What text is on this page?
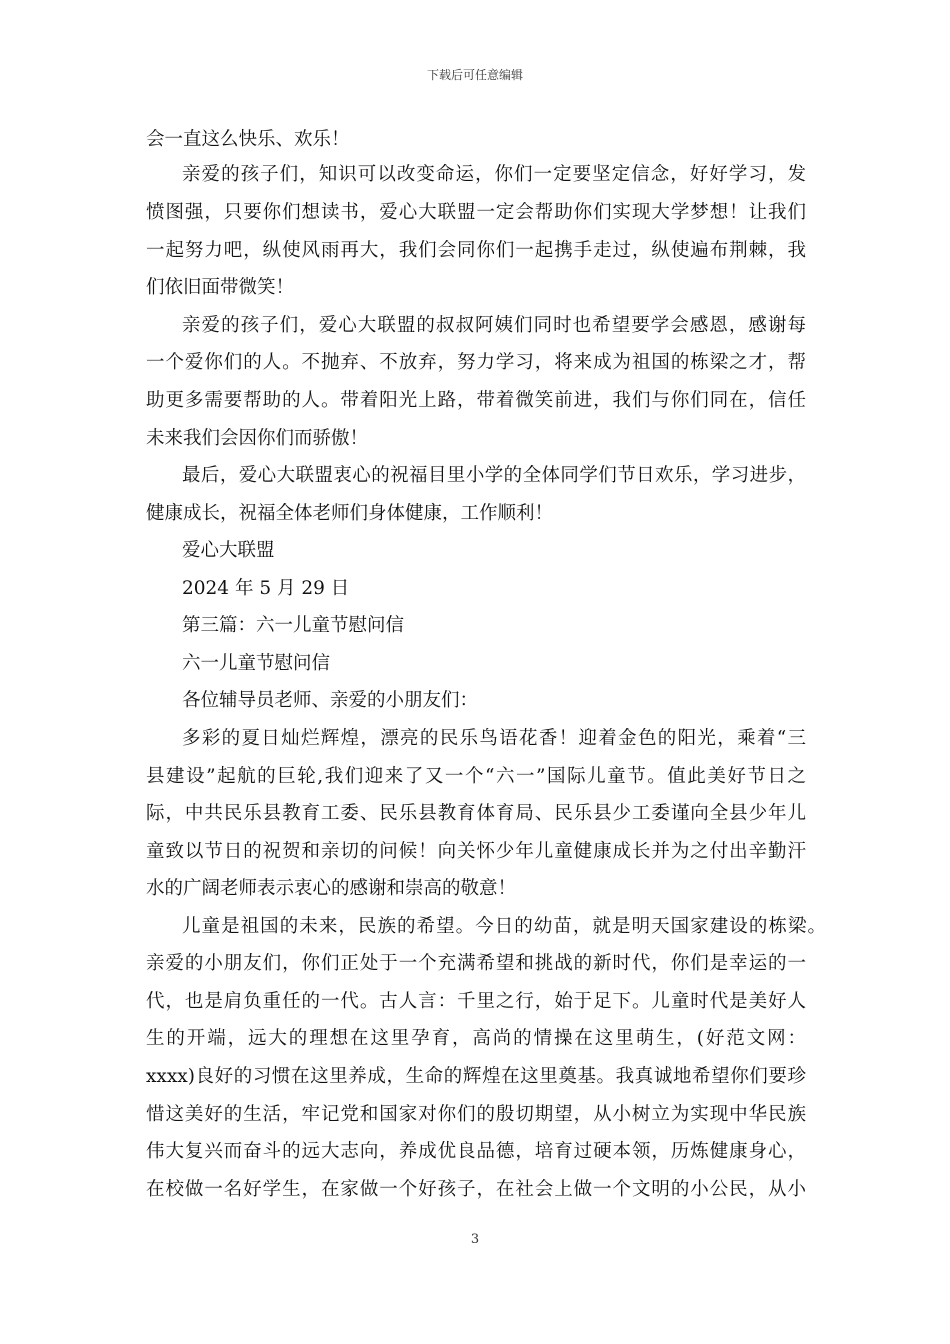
下载后可任意编辑
会一直这么快乐、欢乐！
亲爱的孩子们，知识可以改变命运，你们一定要坚定信念，好好学习，发
愤图强，只要你们想读书，爱心大联盟一定会帮助你们实现大学梦想！让我们
一起努力吧，纵使风雨再大，我们会同你们一起携手走过，纵使遍布荆棘，我
们依旧面带微笑！
亲爱的孩子们，爱心大联盟的叔叔阿姨们同时也希望要学会感恩，感谢每
一个爱你们的人。不抛弃、不放弃，努力学习，将来成为祖国的栋梁之才，帮
助更多需要帮助的人。带着阳光上路，带着微笑前进，我们与你们同在，信任
未来我们会因你们而骄傲！
最后，爱心大联盟衷心的祝福目里小学的全体同学们节日欢乐，学习进步，
健康成长，祝福全体老师们身体健康，工作顺利！
爱心大联盟
2024 年 5 月 29 日
第三篇：六一儿童节慰问信
六一儿童节慰问信
各位辅导员老师、亲爱的小朋友们：
多彩的夏日灿烂辉煌，漂亮的民乐鸟语花香！迎着金色的阳光，乘着“三
县建设”起航的巨轮,我们迎来了又一个“六一”国际儿童节。值此美好节日之
际，中共民乐县教育工委、民乐县教育体育局、民乐县少工委谨向全县少年儿
童致以节日的祝贺和亲切的问候！向关怀少年儿童健康成长并为之付出辛勤汗
水的广阔老师表示衷心的感谢和崇高的敬意！
儿童是祖国的未来，民族的希望。今日的幼苗，就是明天国家建设的栋梁。
亲爱的小朋友们，你们正处于一个充满希望和挑战的新时代，你们是幸运的一
代，也是肩负重任的一代。古人言：千里之行，始于足下。儿童时代是美好人
生的开端，远大的理想在这里孕育，高尚的情操在这里萌生，(好范文网：
xxxx)良好的习惯在这里养成，生命的辉煌在这里奠基。我真诚地希望你们要珍
惜这美好的生活，牢记党和国家对你们的殷切期望，从小树立为实现中华民族
伟大复兴而奋斗的远大志向，养成优良品德，培育过硬本领，历炼健康身心，
在校做一名好学生，在家做一个好孩子，在社会上做一个文明的小公民，从小
3
